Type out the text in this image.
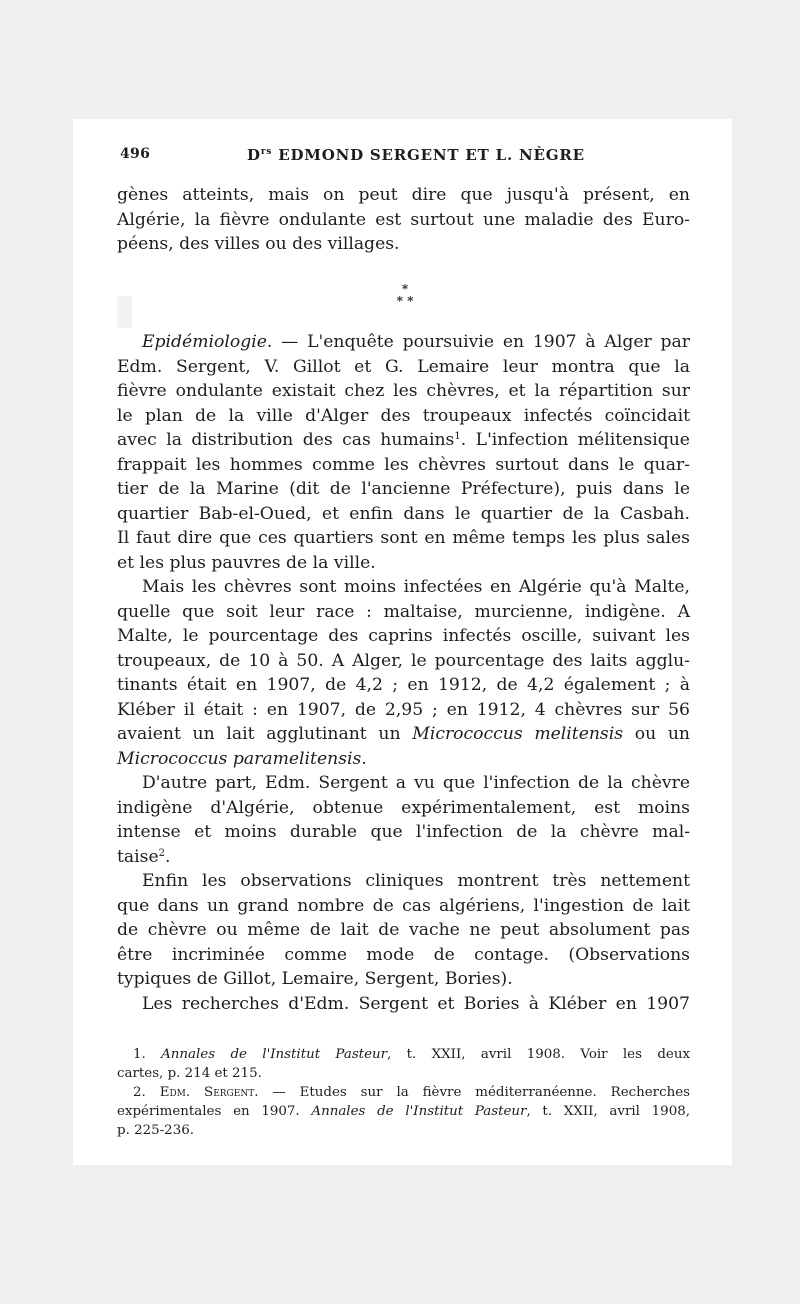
496	$D^{rs}$ EDMOND SERGENT ET L. NÈGRE
gènes atteints, mais on peut dire que jusqu'à présent, en
Algérie, la fièvre ondulante est surtout une maladie des Euro-
péens, des villes ou des villages.
*
* *
Epidémiologie. — L'enquête poursuivie en 1907 à Alger par
Edm. Sergent, V. Gillot et G. Lemaire leur montra que la
fièvre ondulante existait chez les chèvres, et la répartition sur
le plan de la ville d'Alger des troupeaux infectés coïncidait
avec la distribution des cas humains$^1$. L'infection mélitensique
frappait les hommes comme les chèvres surtout dans le quar-
tier de la Marine (dit de l'ancienne Préfecture), puis dans le
quartier Bab-el-Oued, et enfin dans le quartier de la Casbah.
Il faut dire que ces quartiers sont en même temps les plus sales
et les plus pauvres de la ville.
Mais les chèvres sont moins infectées en Algérie qu'à Malte,
quelle que soit leur race : maltaise, murcienne, indigène. A
Malte, le pourcentage des caprins infectés oscille, suivant les
troupeaux, de 10 à 50. A Alger, le pourcentage des laits agglu-
tinants était en 1907, de 4,2 ; en 1912, de 4,2 également ; à
Kléber il était : en 1907, de 2,95 ; en 1912, 4 chèvres sur 56
avaient un lait agglutinant un Micrococcus melitensis ou un
Micrococcus paramelitensis.
D'autre part, Edm. Sergent a vu que l'infection de la chèvre
indigène d'Algérie, obtenue expérimentalement, est moins
intense et moins durable que l'infection de la chèvre mal-
taise$^2$.
Enfin les observations cliniques montrent très nettement
que dans un grand nombre de cas algériens, l'ingestion de lait
de chèvre ou même de lait de vache ne peut absolument pas
être incriminée comme mode de contage. (Observations
typiques de Gillot, Lemaire, Sergent, Bories).
Les recherches d'Edm. Sergent et Bories à Kléber en 1907
1. Annales de l'Institut Pasteur, t. XXII, avril 1908. Voir les deux
cartes, p. 214 et 215.
2. Edm. Sergent. — Etudes sur la fièvre méditerranéenne. Recherches
expérimentales en 1907. Annales de l'Institut Pasteur, t. XXII, avril 1908,
p. 225-236.
